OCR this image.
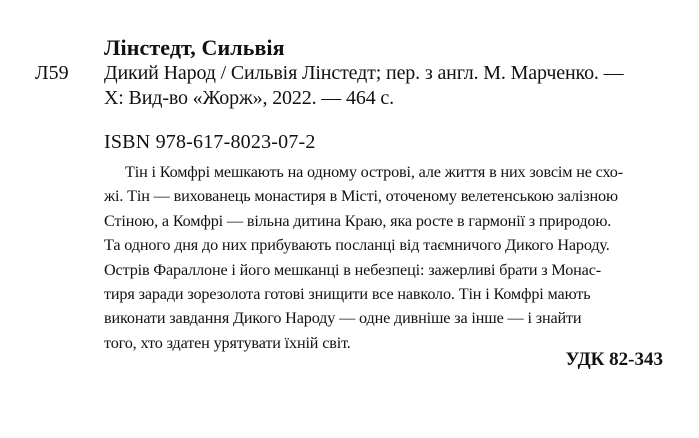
Лінстедт, Сильвія
Л59 Дикий Народ / Сильвія Лінстедт; пер. з англ. М. Марченко. —
Х: Вид-во «Жорж», 2022. — 464 с.
ISBN 978-617-8023-07-2
Тін і Комфрі мешкають на одному острові, але життя в них зовсім не схо-
жі. Тін — вихованець монастиря в Місті, оточеному велетенською залізною
Стіною, а Комфрі — вільна дитина Краю, яка росте в гармонії з природою.
Та одного дня до них прибувають посланці від таємничого Дикого Народу.
Острів Фараллоне і його мешканці в небезпеці: зажерливі брати з Монас-
тиря заради зорезолота готові знищити все навколо. Тін і Комфрі мають
виконати завдання Дикого Народу — одне дивніше за інше — і знайти
того, хто здатен урятувати їхній світ.
УДК 82-343
